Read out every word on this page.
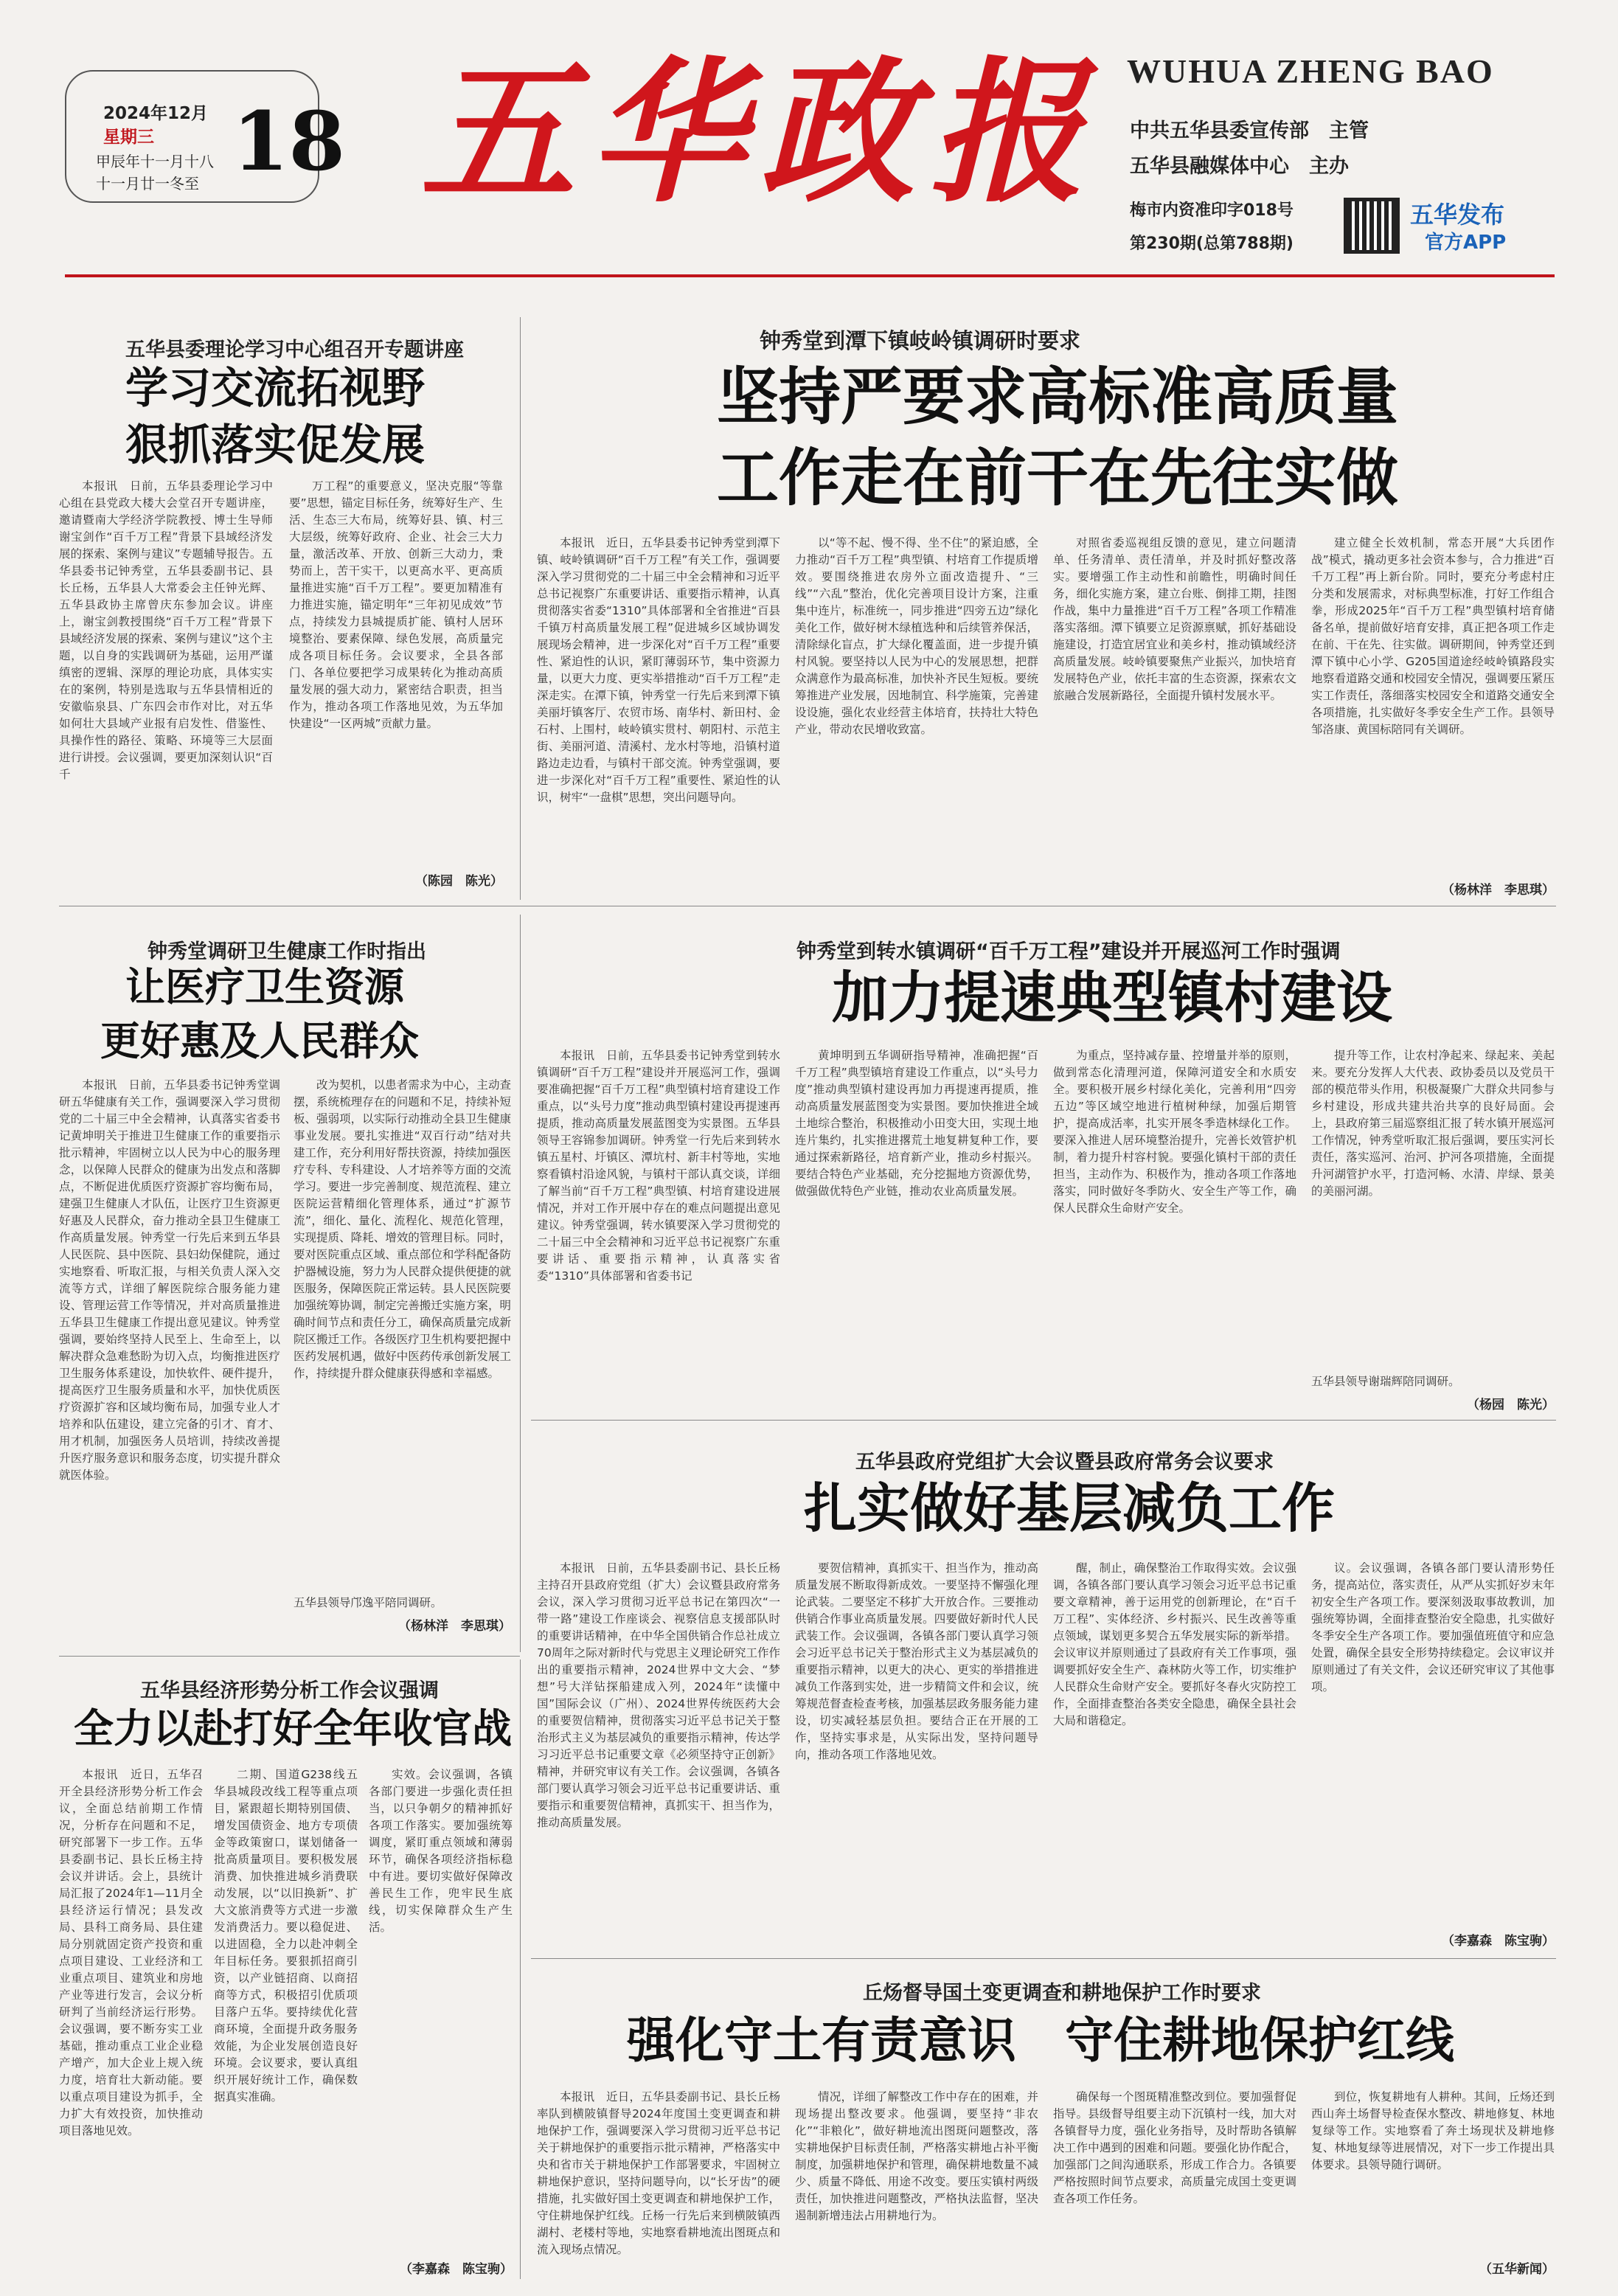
2024年12月
星期三
甲辰年十一月十八
十一月廿一冬至 18 五华政报 WUHUA ZHENG BAO
中共五华县委宣传部　主管
五华县融媒体中心　主办
梅市内资准印字018号
第230期(总第788期)
五华发布
官方APP
五华县委理论学习中心组召开专题讲座
学习交流拓视野
狠抓落实促发展

本报讯　日前，五华县委理论学习中心组在县党政大楼大会堂召开专题讲座，邀请暨南大学经济学院教授、博士生导师谢宝剑作“百千万工程”背景下县域经济发展的探索、案例与建议”专题辅导报告。五华县委书记钟秀堂，五华县委副书记、县长丘杨，五华县人大常委会主任钟光辉、五华县政协主席曾庆东参加会议。讲座上，谢宝剑教授围绕“百千万工程”背景下县域经济发展的探索、案例与建议”这个主题，以自身的实践调研为基础，运用严谨缜密的逻辑、深厚的理论功底，具体实实在的案例，特别是选取与五华县情相近的安徽临泉县、广东四会市作对比，对五华如何壮大县域产业报有启发性、借鉴性、具操作性的路径、策略、环境等三大层面进行讲授。会议强调，要更加深刻认识“百千

万工程”的重要意义，坚决克服“等靠要”思想，锚定目标任务，统筹好生产、生活、生态三大布局，统筹好县、镇、村三大层级，统筹好政府、企业、社会三大力量，激活改革、开放、创新三大动力，秉势而上，苦干实干，以更高水平、更高质量推进实施“百千万工程”。要更加精准有力推进实施，锚定明年“三年初见成效”节点，持续发力县城提质扩能、镇村人居环境整治、要素保障、绿色发展，高质量完成各项目标任务。会议要求，全县各部门、各单位要把学习成果转化为推动高质量发展的强大动力，紧密结合职责，担当作为，推动各项工作落地见效，为五华加快建设“一区两城”贡献力量。

（陈园　陈光）
钟秀堂到潭下镇岐岭镇调研时要求
坚持严要求高标准高质量
工作走在前干在先往实做

本报讯　近日，五华县委书记钟秀堂到潭下镇、岐岭镇调研“百千万工程”有关工作，强调要深入学习贯彻党的二十届三中全会精神和习近平总书记视察广东重要讲话、重要指示精神，认真贯彻落实省委“1310”具体部署和全省推进“百县千镇万村高质量发展工程”促进城乡区域协调发展现场会精神，进一步深化对“百千万工程”重要性、紧迫性的认识，紧盯薄弱环节，集中资源力量，以更大力度、更实举措推动“百千万工程”走深走实。在潭下镇，钟秀堂一行先后来到潭下镇美丽圩镇客厅、农贸市场、南华村、新田村、金石村、上围村，岐岭镇实贯村、朝阳村、示范主街、美丽河道、清溪村、龙水村等地，沿镇村道路边走边看，与镇村干部交流。钟秀堂强调，要进一步深化对“百千万工程”重要性、紧迫性的认识，树牢“一盘棋”思想，突出问题导向。

以“等不起、慢不得、坐不住”的紧迫感，全力推动“百千万工程”典型镇、村培育工作提质增效。要围绕推进农房外立面改造提升、“三线”“六乱”整治，优化完善项目设计方案，注重集中连片，标准统一，同步推进“四旁五边”绿化美化工作，做好树木绿植选种和后续管养保活，清除绿化盲点，扩大绿化覆盖面，进一步提升镇村风貌。要坚持以人民为中心的发展思想，把群众满意作为最高标准，加快补齐民生短板。要统筹推进产业发展，因地制宜、科学施策，完善建设设施，强化农业经营主体培育，扶持壮大特色产业，带动农民增收致富。

对照省委巡视组反馈的意见，建立问题清单、任务清单、责任清单，并及时抓好整改落实。要增强工作主动性和前瞻性，明确时间任务，细化实施方案，建立台账、倒排工期，挂图作战，集中力量推进“百千万工程”各项工作精准落实落细。潭下镇要立足资源禀赋，抓好基础设施建设，打造宜居宜业和美乡村，推动镇域经济高质量发展。岐岭镇要聚焦产业振兴，加快培育发展特色产业，依托丰富的生态资源，探索农文旅融合发展新路径，全面提升镇村发展水平。

建立健全长效机制，常态开展“大兵团作战”模式，撬动更多社会资本参与，合力推进“百千万工程”再上新台阶。同时，要充分考虑村庄分类和发展需求，对标典型标准，打好工作组合拳，形成2025年“百千万工程”典型镇村培育储备名单，提前做好培育安排，真正把各项工作走在前、干在先、往实做。调研期间，钟秀堂还到潭下镇中心小学、G205国道途经岐岭镇路段实地察看道路交通和校园安全情况，强调要压紧压实工作责任，落细落实校园安全和道路交通安全各项措施，扎实做好冬季安全生产工作。县领导邹洛康、黄国标陪同有关调研。

（杨林洋　李思琪）
钟秀堂调研卫生健康工作时指出
让医疗卫生资源
更好惠及人民群众

本报讯　日前，五华县委书记钟秀堂调研五华健康有关工作，强调要深入学习贯彻党的二十届三中全会精神，认真落实省委书记黄坤明关于推进卫生健康工作的重要指示批示精神，牢固树立以人民为中心的服务理念，以保障人民群众的健康为出发点和落脚点，不断促进优质医疗资源扩容均衡布局，建强卫生健康人才队伍，让医疗卫生资源更好惠及人民群众，奋力推动全县卫生健康工作高质量发展。钟秀堂一行先后来到五华县人民医院、县中医院、县妇幼保健院，通过实地察看、听取汇报，与相关负责人深入交流等方式，详细了解医院综合服务能力建设、管理运营工作等情况，并对高质量推进五华县卫生健康工作提出意见建议。钟秀堂强调，要始终坚持人民至上、生命至上，以解决群众急难愁盼为切入点，均衡推进医疗卫生服务体系建设，加快软件、硬件提升，提高医疗卫生服务质量和水平，加快优质医疗资源扩容和区域均衡布局，加强专业人才培养和队伍建设，建立完备的引才、育才、用才机制，加强医务人员培训，持续改善提升医疗服务意识和服务态度，切实提升群众就医体验。

改为契机，以患者需求为中心，主动查摆，系统梳理存在的问题和不足，持续补短板、强弱项，以实际行动推动全县卫生健康事业发展。要扎实推进“双百行动”结对共建工作，充分利用好帮扶资源，持续加强医疗专科、专科建设、人才培养等方面的交流学习。要进一步完善制度、规范流程、建立医院运营精细化管理体系，通过“扩源节流”，细化、量化、流程化、规范化管理，实现提质、降耗、增效的管理目标。同时，要对医院重点区域、重点部位和学科配备防护器械设施，努力为人民群众提供便捷的就医服务，保障医院正常运转。县人民医院要加强统筹协调，制定完善搬迁实施方案，明确时间节点和责任分工，确保高质量完成新院区搬迁工作。各级医疗卫生机构要把握中医药发展机遇，做好中医药传承创新发展工作，持续提升群众健康获得感和幸福感。

五华县领导邝逸平陪同调研。
（杨林洋　李思琪）
钟秀堂到转水镇调研“百千万工程”建设并开展巡河工作时强调
加力提速典型镇村建设

本报讯　日前，五华县委书记钟秀堂到转水镇调研“百千万工程”建设并开展巡河工作，强调要准确把握“百千万工程”典型镇村培育建设工作重点，以“头号力度”推动典型镇村建设再提速再提质，推动高质量发展蓝图变为实景图。五华县领导王容锦参加调研。钟秀堂一行先后来到转水镇五星村、圩镇区、潭坑村、新丰村等地，实地察看镇村沿途风貌，与镇村干部认真交谈，详细了解当前“百千万工程”典型镇、村培育建设进展情况，并对工作开展中存在的难点问题提出意见建议。钟秀堂强调，转水镇要深入学习贯彻党的二十届三中全会精神和习近平总书记视察广东重要讲话、重要指示精神，认真落实省委“1310”具体部署和省委书记

黄坤明到五华调研指导精神，准确把握“百千万工程”典型镇培育建设工作重点，以“头号力度”推动典型镇村建设再加力再提速再提质，推动高质量发展蓝图变为实景图。要加快推进全域土地综合整治，积极推动小田变大田，实现土地连片集约，扎实推进撂荒土地复耕复种工作，要通过探索新路径，培育新产业，推动乡村振兴。要结合特色产业基础，充分挖掘地方资源优势，做强做优特色产业链，推动农业高质量发展。

为重点，坚持减存量、控增量并举的原则，做到常态化清理河道，保障河道安全和水质安全。要积极开展乡村绿化美化，完善利用“四旁五边”等区域空地进行植树种绿，加强后期管护，提高成活率，扎实开展冬季造林绿化工作。要深入推进人居环境整治提升，完善长效管护机制，着力提升村容村貌。要强化镇村干部的责任担当，主动作为、积极作为，推动各项工作落地落实，同时做好冬季防火、安全生产等工作，确保人民群众生命财产安全。

提升等工作，让农村净起来、绿起来、美起来。要充分发挥人大代表、政协委员以及党员干部的模范带头作用，积极凝聚广大群众共同参与乡村建设，形成共建共治共享的良好局面。会上，县政府第三届巡察组汇报了转水镇开展巡河工作情况，钟秀堂听取汇报后强调，要压实河长责任，落实巡河、治河、护河各项措施，全面提升河湖管护水平，打造河畅、水清、岸绿、景美的美丽河湖。

五华县领导谢瑞辉陪同调研。
（杨园　陈光）
五华县政府党组扩大会议暨县政府常务会议要求
扎实做好基层减负工作

本报讯　日前，五华县委副书记、县长丘杨主持召开县政府党组（扩大）会议暨县政府常务会议，深入学习贯彻习近平总书记在第四次“一带一路”建设工作座谈会、视察信息支援部队时的重要讲话精神，在中华全国供销合作总社成立70周年之际对新时代与党思主义理论研究工作作出的重要指示精神，2024世界中文大会、“梦想”号大洋钻探船建成入列，2024年“读懂中国”国际会议（广州）、2024世界传统医药大会的重要贺信精神，贯彻落实习近平总书记关于整治形式主义为基层减负的重要指示精神，传达学习习近平总书记重要文章《必须坚持守正创新》精神，并研究审议有关工作。会议强调，各镇各部门要认真学习领会习近平总书记重要讲话、重要指示和重要贺信精神，真抓实干、担当作为，推动高质量发展。

要贺信精神，真抓实干、担当作为，推动高质量发展不断取得新成效。一要坚持不懈强化理论武装。二要坚定不移扩大开放合作。三要推动供销合作事业高质量发展。四要做好新时代人民武装工作。会议强调，各镇各部门要认真学习领会习近平总书记关于整治形式主义为基层减负的重要指示精神，以更大的决心、更实的举措推进减负工作落到实处，进一步精简文件和会议，统筹规范督查检查考核，加强基层政务服务能力建设，切实减轻基层负担。要结合正在开展的工作，坚持实事求是，从实际出发，坚持问题导向，推动各项工作落地见效。

醒，制止，确保整治工作取得实效。会议强调，各镇各部门要认真学习领会习近平总书记重要文章精神，善于运用党的创新理论，在“百千万工程”、实体经济、乡村振兴、民生改善等重点领域，谋划更多契合五华发展实际的新举措。会议审议并原则通过了县政府有关工作事项，强调要抓好安全生产、森林防火等工作，切实维护人民群众生命财产安全。要抓好冬春火灾防控工作，全面排查整治各类安全隐患，确保全县社会大局和谐稳定。

议。会议强调，各镇各部门要认清形势任务，提高站位，落实责任，从严从实抓好岁末年初安全生产各项工作。要深刻汲取事故教训，加强统筹协调，全面排查整治安全隐患，扎实做好冬季安全生产各项工作。要加强值班值守和应急处置，确保全县安全形势持续稳定。会议审议并原则通过了有关文件，会议还研究审议了其他事项。

（李嘉森　陈宝驹）
五华县经济形势分析工作会议强调
全力以赴打好全年收官战

本报讯　近日，五华召开全县经济形势分析工作会议，全面总结前期工作情况，分析存在问题和不足，研究部署下一步工作。五华县委副书记、县长丘杨主持会议并讲话。会上，县统计局汇报了2024年1—11月全县经济运行情况；县发改局、县科工商务局、县住建局分别就固定资产投资和重点项目建设、工业经济和工业重点项目、建筑业和房地产业等进行发言，会议分析研判了当前经济运行形势。会议强调，要不断夯实工业基础，推动重点工业企业稳产增产，加大企业上规入统力度，培育壮大新动能。要以重点项目建设为抓手，全力扩大有效投资，加快推动项目落地见效。

二期、国道G238线五华县城段改线工程等重点项目，紧跟超长期特别国债、增发国债资金、地方专项债金等政策窗口，谋划储备一批高质量项目。要积极发展消费、加快推进城乡消费联动发展，以“以旧换新”、扩大文旅消费等方式进一步激发消费活力。要以稳促进、以进固稳，全力以赴冲刺全年目标任务。要狠抓招商引资，以产业链招商、以商招商等方式，积极招引优质项目落户五华。要持续优化营商环境，全面提升政务服务效能，为企业发展创造良好环境。会议要求，要认真组织开展好统计工作，确保数据真实准确。

实效。会议强调，各镇各部门要进一步强化责任担当，以只争朝夕的精神抓好各项工作落实。要加强统筹调度，紧盯重点领域和薄弱环节，确保各项经济指标稳中有进。要切实做好保障改善民生工作，兜牢民生底线，切实保障群众生产生活。

（李嘉森　陈宝驹）
丘炀督导国土变更调查和耕地保护工作时要求
强化守土有责意识　守住耕地保护红线

本报讯　近日，五华县委副书记、县长丘杨率队到横陂镇督导2024年度国土变更调查和耕地保护工作，强调要深入学习贯彻习近平总书记关于耕地保护的重要指示批示精神，严格落实中央和省市关于耕地保护工作部署要求，牢固树立耕地保护意识，坚持问题导向，以“长牙齿”的硬措施，扎实做好国土变更调查和耕地保护工作，守住耕地保护红线。丘杨一行先后来到横陂镇西湖村、老楼村等地，实地察看耕地流出图斑点和流入现场点情况。

情况，详细了解整改工作中存在的困难，并现场提出整改要求。他强调，要坚持“非农化”“非粮化”，做好耕地流出图斑问题整改，落实耕地保护目标责任制，严格落实耕地占补平衡制度，加强耕地保护和管理，确保耕地数量不减少、质量不降低、用途不改变。要压实镇村两级责任，加快推进问题整改，严格执法监督，坚决遏制新增违法占用耕地行为。

确保每一个图斑精准整改到位。要加强督促指导。县级督导组要主动下沉镇村一线，加大对各镇督导力度，强化业务指导，及时帮助各镇解决工作中遇到的困难和问题。要强化协作配合，加强部门之间沟通联系，形成工作合力。各镇要严格按照时间节点要求，高质量完成国土变更调查各项工作任务。

到位，恢复耕地有人耕种。其间，丘炀还到西山奔土场督导检查保水整改、耕地修复、林地复绿等工作。实地察看了奔土场现状及耕地修复、林地复绿等进展情况，对下一步工作提出具体要求。县领导随行调研。

（五华新闻）
